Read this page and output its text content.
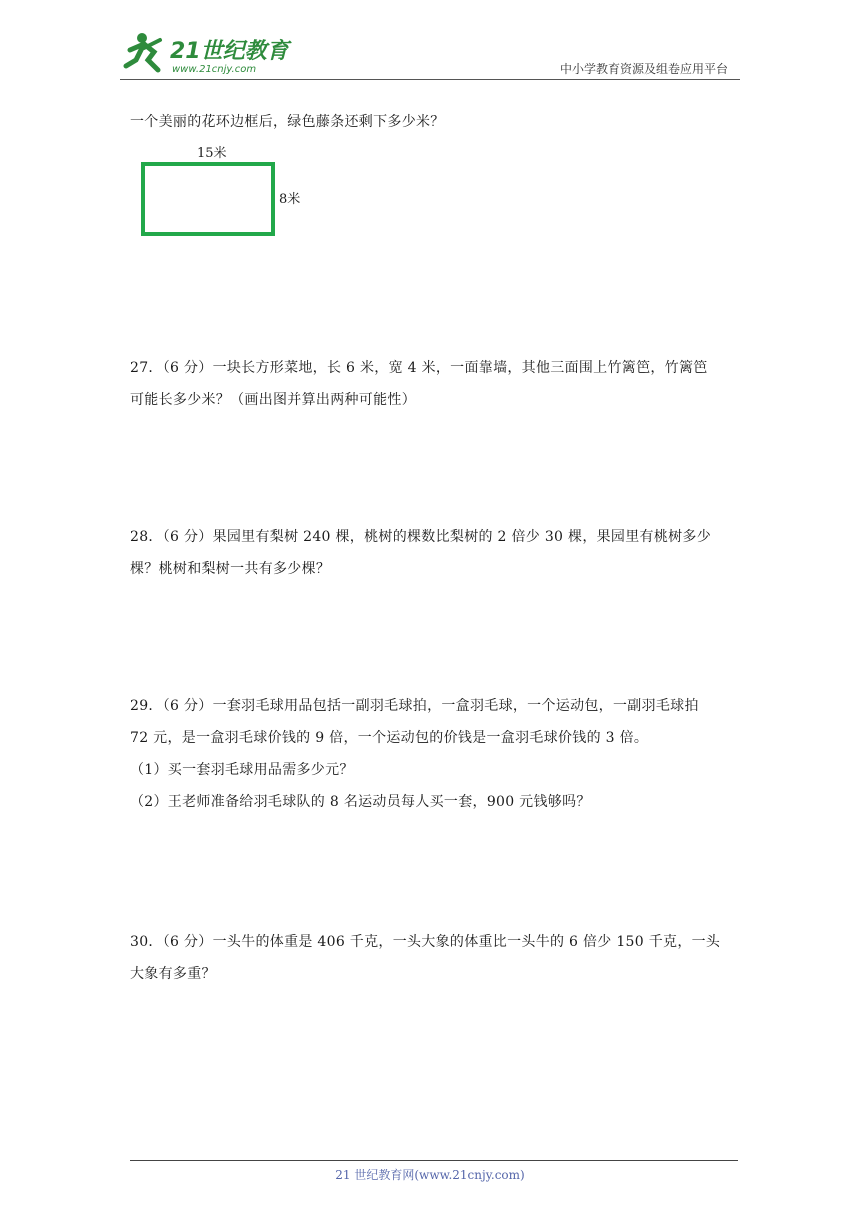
21世纪教育
www.21cnjy.com	中小学教育资源及组卷应用平台
一个美丽的花环边框后，绿色藤条还剩下多少米？
15米
8米
27．（6 分）一块长方形菜地，长 6 米，宽 4 米，一面靠墙，其他三面围上竹篱笆，竹篱笆
可能长多少米？（画出图并算出两种可能性）
28．（6 分）果园里有梨树 240 棵，桃树的棵数比梨树的 2 倍少 30 棵，果园里有桃树多少
棵？桃树和梨树一共有多少棵？
29．（6 分）一套羽毛球用品包括一副羽毛球拍，一盒羽毛球，一个运动包，一副羽毛球拍
72 元，是一盒羽毛球价钱的 9 倍，一个运动包的价钱是一盒羽毛球价钱的 3 倍。
（1）买一套羽毛球用品需多少元？
（2）王老师准备给羽毛球队的 8 名运动员每人买一套，900 元钱够吗？
30．（6 分）一头牛的体重是 406 千克，一头大象的体重比一头牛的 6 倍少 150 千克，一头
大象有多重？
21 世纪教育网(www.21cnjy.com)
